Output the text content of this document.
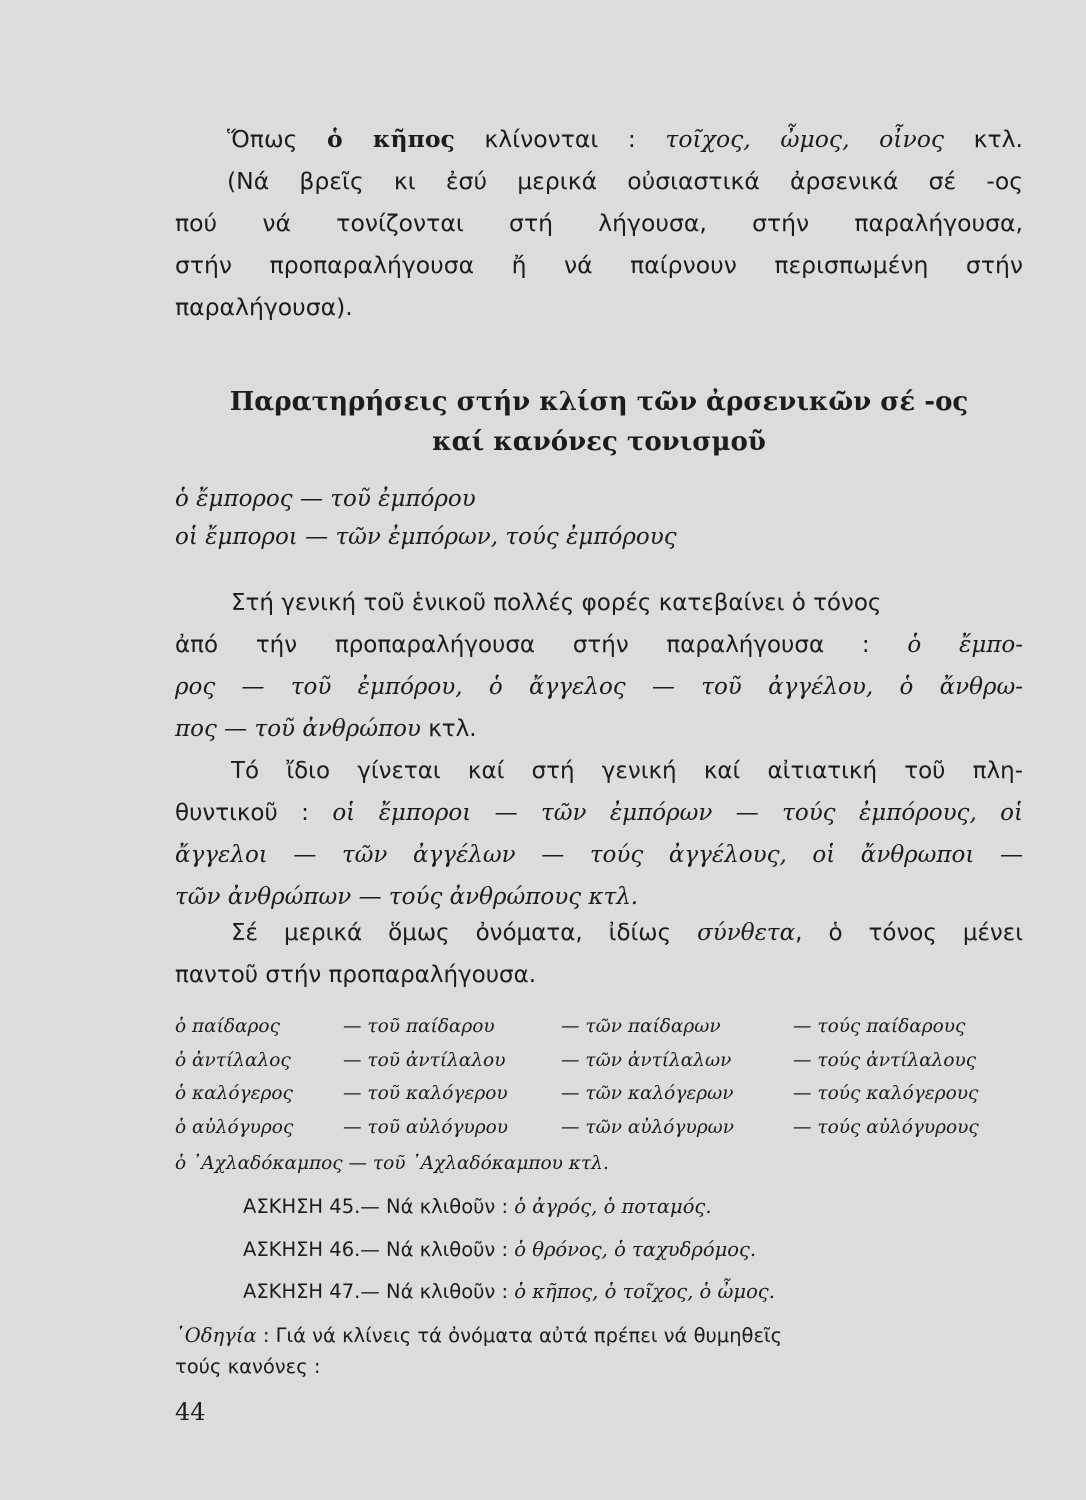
Ὅπως ὁ κῆπος κλίνονται : τοῖχος, ὦμος, οἶνος κτλ.
(Νά βρεῖς κι ἐσύ μερικά οὐσιαστικά ἀρσενικά σέ -ος
πού νά τονίζονται στή λήγουσα, στήν παραλήγουσα,
στήν προπαραλήγουσα ἤ νά παίρνουν περισπωμένη στήν
παραλήγουσα).
Παρατηρήσεις στήν κλίση τῶν ἀρσενικῶν σέ -ος
καί κανόνες τονισμοῦ
ὁ ἔμπορος — τοῦ ἐμπόρου
οἱ ἔμποροι — τῶν ἐμπόρων, τούς ἐμπόρους
Στή γενική τοῦ ἑνικοῦ πολλές φορές κατεβαίνει ὁ τόνος
ἀπό τήν προπαραλήγουσα στήν παραλήγουσα : ὁ ἔμπο-
ρος — τοῦ ἐμπόρου, ὁ ἄγγελος — τοῦ ἀγγέλου, ὁ ἄνθρω-
πος — τοῦ ἀνθρώπου κτλ.
Τό ἴδιο γίνεται καί στή γενική καί αἰτιατική τοῦ πλη-
θυντικοῦ : οἱ ἔμποροι — τῶν ἐμπόρων — τούς ἐμπόρους, οἱ
ἄγγελοι — τῶν ἀγγέλων — τούς ἀγγέλους, οἱ ἄνθρωποι —
τῶν ἀνθρώπων — τούς ἀνθρώπους κτλ.
Σέ μερικά ὅμως ὀνόματα, ἰδίως σύνθετα, ὁ τόνος μένει
παντοῦ στήν προπαραλήγουσα.
ὁ παίδαρος	— τοῦ παίδαρου	— τῶν παίδαρων	— τούς παίδαρους
ὁ ἀντίλαλος	— τοῦ ἀντίλαλου	— τῶν ἀντίλαλων	— τούς ἀντίλαλους
ὁ καλόγερος	— τοῦ καλόγερου	— τῶν καλόγερων	— τούς καλόγερους
ὁ αὐλόγυρος	— τοῦ αὐλόγυρου	— τῶν αὐλόγυρων	— τούς αὐλόγυρους
ὁ ᾿Αχλαδόκαμπος — τοῦ ᾿Αχλαδόκαμπου κτλ.
ΑΣΚΗΣΗ 45.— Νά κλιθοῦν : ὁ ἀγρός, ὁ ποταμός.
ΑΣΚΗΣΗ 46.— Νά κλιθοῦν : ὁ θρόνος, ὁ ταχυδρόμος.
ΑΣΚΗΣΗ 47.— Νά κλιθοῦν : ὁ κῆπος, ὁ τοῖχος, ὁ ὦμος.
῾Οδηγία : Γιά νά κλίνεις τά ὀνόματα αὐτά πρέπει νά θυμηθεῖς
τούς κανόνες :
44
